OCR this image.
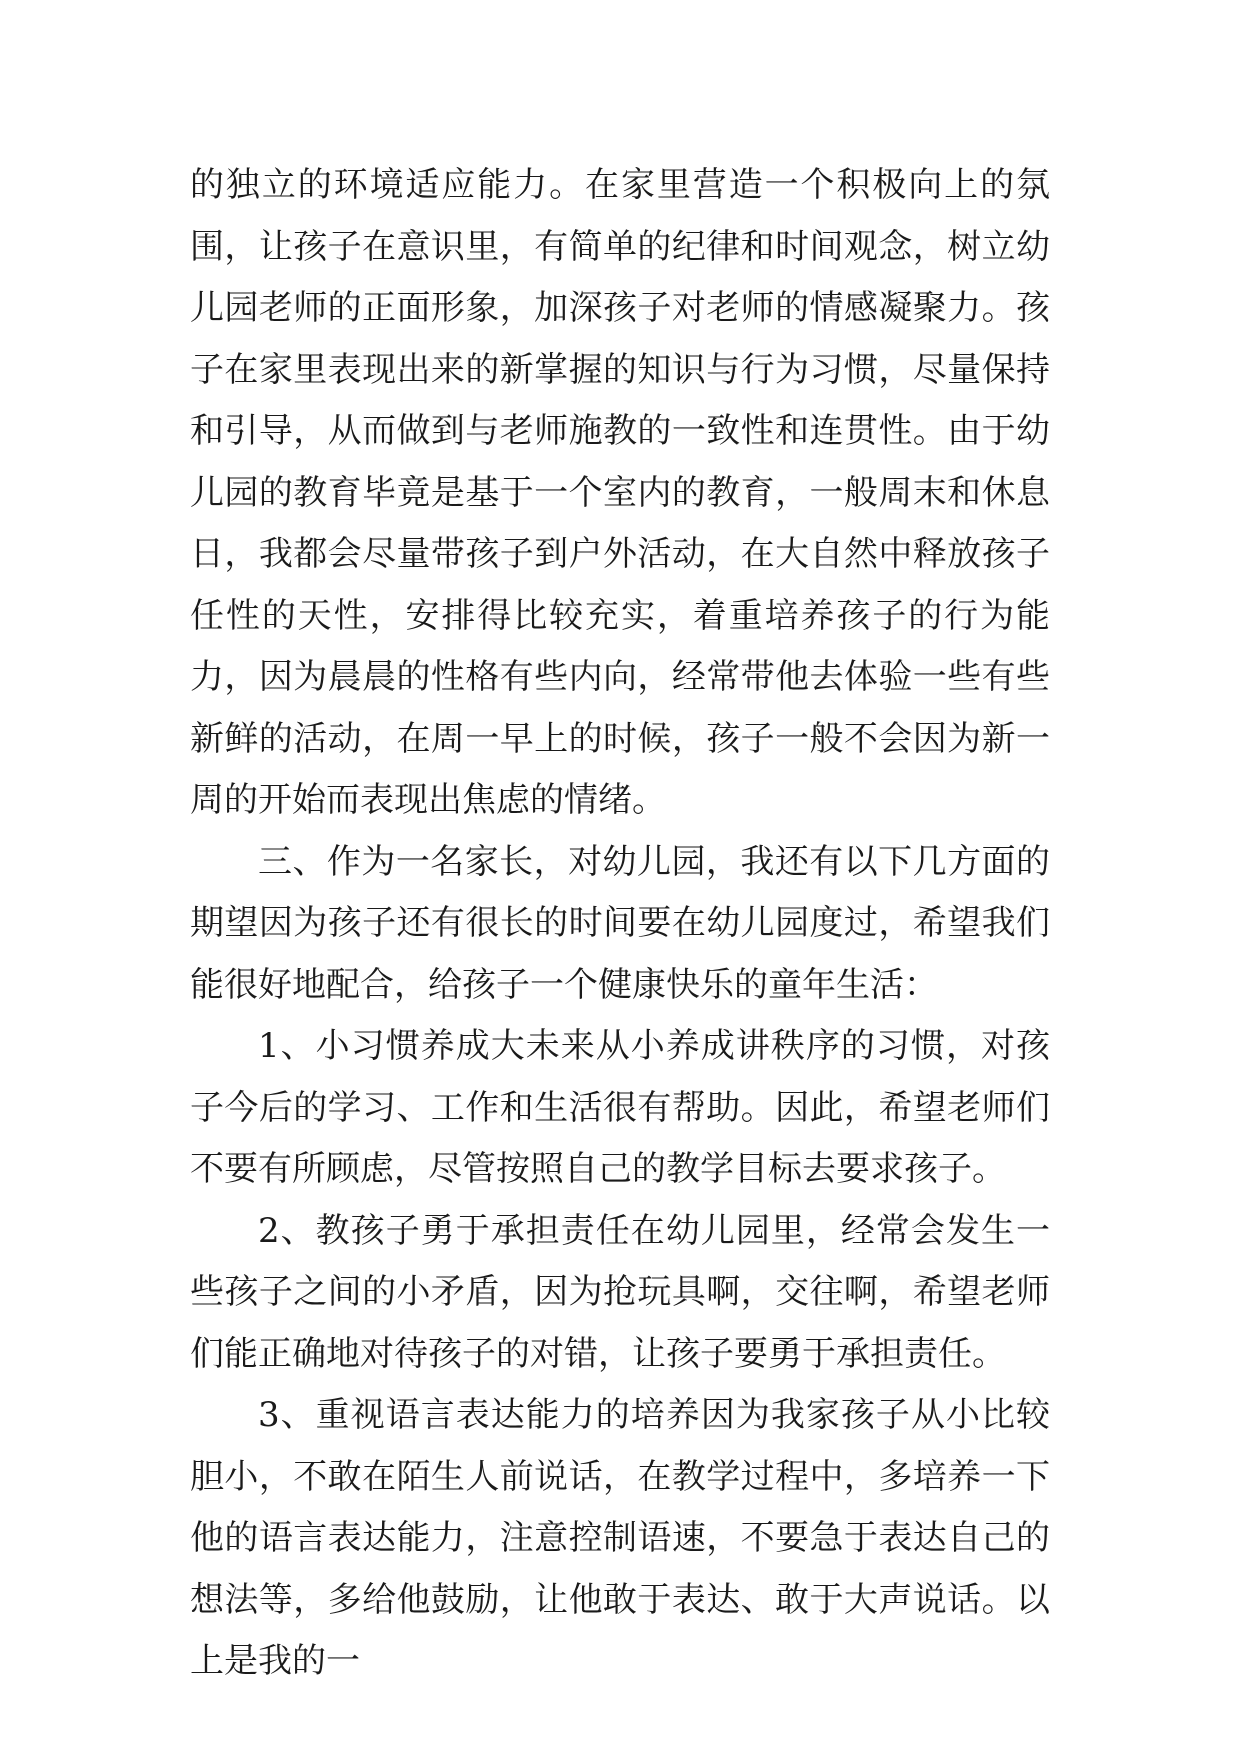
的独立的环境适应能力。在家里营造一个积极向上的氛围，让孩子在意识里，有简单的纪律和时间观念，树立幼儿园老师的正面形象，加深孩子对老师的情感凝聚力。孩子在家里表现出来的新掌握的知识与行为习惯，尽量保持和引导，从而做到与老师施教的一致性和连贯性。由于幼儿园的教育毕竟是基于一个室内的教育，一般周末和休息日，我都会尽量带孩子到户外活动，在大自然中释放孩子任性的天性，安排得比较充实，着重培养孩子的行为能力，因为晨晨的性格有些内向，经常带他去体验一些有些新鲜的活动，在周一早上的时候，孩子一般不会因为新一周的开始而表现出焦虑的情绪。

三、作为一名家长，对幼儿园，我还有以下几方面的期望因为孩子还有很长的时间要在幼儿园度过，希望我们能很好地配合，给孩子一个健康快乐的童年生活：

1、小习惯养成大未来从小养成讲秩序的习惯，对孩子今后的学习、工作和生活很有帮助。因此，希望老师们不要有所顾虑，尽管按照自己的教学目标去要求孩子。

2、教孩子勇于承担责任在幼儿园里，经常会发生一些孩子之间的小矛盾，因为抢玩具啊，交往啊，希望老师们能正确地对待孩子的对错，让孩子要勇于承担责任。

3、重视语言表达能力的培养因为我家孩子从小比较胆小，不敢在陌生人前说话，在教学过程中，多培养一下他的语言表达能力，注意控制语速，不要急于表达自己的想法等，多给他鼓励，让他敢于表达、敢于大声说话。以上是我的一
